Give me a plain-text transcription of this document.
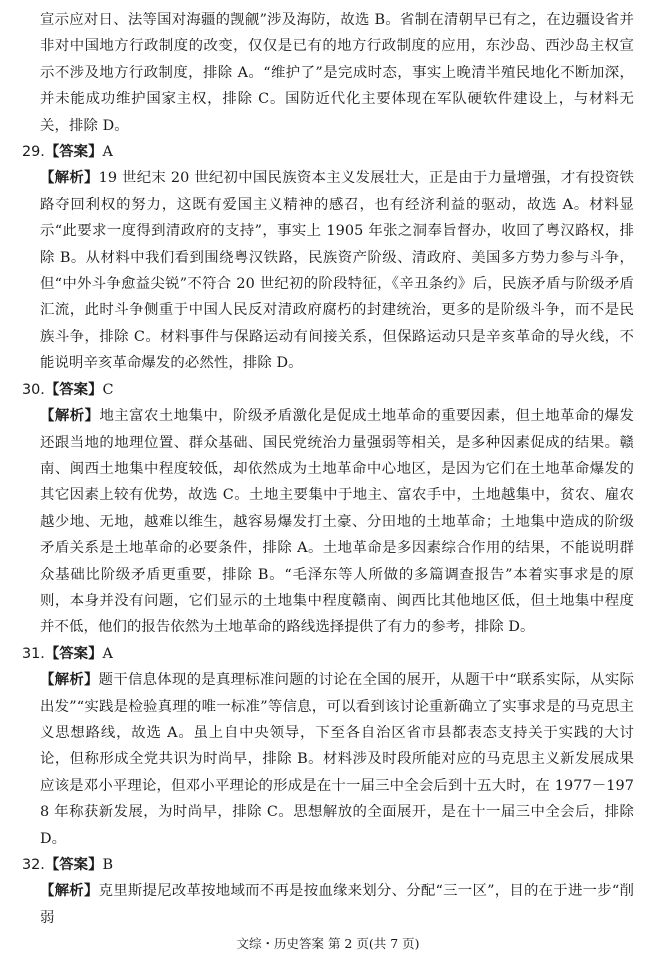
宣示应对日、法等国对海疆的觊觎”涉及海防，故选 B。省制在清朝早已有之，在边疆设省并非对中国地方行政制度的改变，仅仅是已有的地方行政制度的应用，东沙岛、西沙岛主权宣示不涉及地方行政制度，排除 A。“维护了”是完成时态，事实上晚清半殖民地化不断加深，并未能成功维护国家主权，排除 C。国防近代化主要体现在军队硬软件建设上，与材料无关，排除 D。

29.【答案】A

【解析】19 世纪末 20 世纪初中国民族资本主义发展壮大，正是由于力量增强，才有投资铁路夺回利权的努力，这既有爱国主义精神的感召，也有经济利益的驱动，故选 A。材料显示“此要求一度得到清政府的支持”，事实上 1905 年张之洞奉旨督办，收回了粤汉路权，排除 B。从材料中我们看到围绕粤汉铁路，民族资产阶级、清政府、美国多方势力参与斗争，但“中外斗争愈益尖锐”不符合 20 世纪初的阶段特征，《辛丑条约》后，民族矛盾与阶级矛盾汇流，此时斗争侧重于中国人民反对清政府腐朽的封建统治，更多的是阶级斗争，而不是民族斗争，排除 C。材料事件与保路运动有间接关系，但保路运动只是辛亥革命的导火线，不能说明辛亥革命爆发的必然性，排除 D。

30.【答案】C

【解析】地主富农土地集中，阶级矛盾激化是促成土地革命的重要因素，但土地革命的爆发还跟当地的地理位置、群众基础、国民党统治力量强弱等相关，是多种因素促成的结果。赣南、闽西土地集中程度较低，却依然成为土地革命中心地区，是因为它们在土地革命爆发的其它因素上较有优势，故选 C。土地主要集中于地主、富农手中，土地越集中，贫农、雇农越少地、无地，越难以维生，越容易爆发打土豪、分田地的土地革命；土地集中造成的阶级矛盾关系是土地革命的必要条件，排除 A。土地革命是多因素综合作用的结果，不能说明群众基础比阶级矛盾更重要，排除 B。“毛泽东等人所做的多篇调查报告”本着实事求是的原则，本身并没有问题，它们显示的土地集中程度赣南、闽西比其他地区低，但土地集中程度并不低，他们的报告依然为土地革命的路线选择提供了有力的参考，排除 D。

31.【答案】A

【解析】题干信息体现的是真理标准问题的讨论在全国的展开，从题干中“联系实际，从实际出发”“实践是检验真理的唯一标准”等信息，可以看到该讨论重新确立了实事求是的马克思主义思想路线，故选 A。虽上自中央领导，下至各自治区省市县都表态支持关于实践的大讨论，但称形成全党共识为时尚早，排除 B。材料涉及时段所能对应的马克思主义新发展成果应该是邓小平理论，但邓小平理论的形成是在十一届三中全会后到十五大时，在 1977－1978 年称获新发展，为时尚早，排除 C。思想解放的全面展开，是在十一届三中全会后，排除 D。

32.【答案】B

【解析】克里斯提尼改革按地域而不再是按血缘来划分、分配“三一区”，目的在于进一步“削弱

文综・历史答案 第 2 页(共 7 页)
